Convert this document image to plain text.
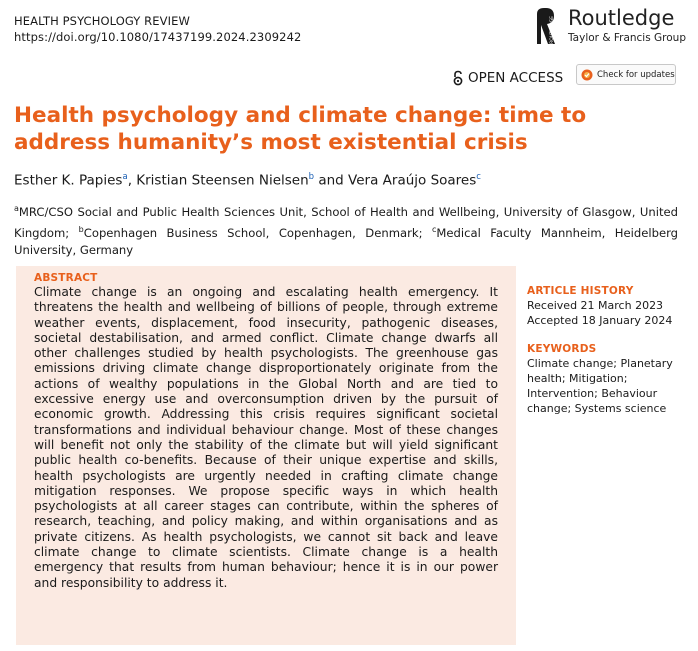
HEALTH PSYCHOLOGY REVIEW
https://doi.org/10.1080/17437199.2024.2309242	ROUTLEDGE Routledge
Taylor & Francis Group
OPEN ACCESS	Check for updates
Health psychology and climate change: time to address humanity’s most existential crisis
Esther K. Papies$^a$, Kristian Steensen Nielsen$^b$ and Vera Araújo Soares$^c$
$^a$MRC/CSO Social and Public Health Sciences Unit, School of Health and Wellbeing, University of Glasgow, United Kingdom; $^b$Copenhagen Business School, Copenhagen, Denmark; $^c$Medical Faculty Mannheim, Heidelberg University, Germany
ABSTRACT
Climate change is an ongoing and escalating health emergency. It threatens the health and wellbeing of billions of people, through extreme weather events, displacement, food insecurity, pathogenic diseases, societal destabilisation, and armed conflict. Climate change dwarfs all other challenges studied by health psychologists. The greenhouse gas emissions driving climate change disproportionately originate from the actions of wealthy populations in the Global North and are tied to excessive energy use and overconsumption driven by the pursuit of economic growth. Addressing this crisis requires significant societal transformations and individual behaviour change. Most of these changes will benefit not only the stability of the climate but will yield significant public health co-benefits. Because of their unique expertise and skills, health psychologists are urgently needed in crafting climate change mitigation responses. We propose specific ways in which health psychologists at all career stages can contribute, within the spheres of research, teaching, and policy making, and within organisations and as private citizens. As health psychologists, we cannot sit back and leave climate change to climate scientists. Climate change is a health emergency that results from human behaviour; hence it is in our power and responsibility to address it.
ARTICLE HISTORY
Received 21 March 2023
Accepted 18 January 2024
KEYWORDS
Climate change; Planetary health; Mitigation; Intervention; Behaviour change; Systems science
